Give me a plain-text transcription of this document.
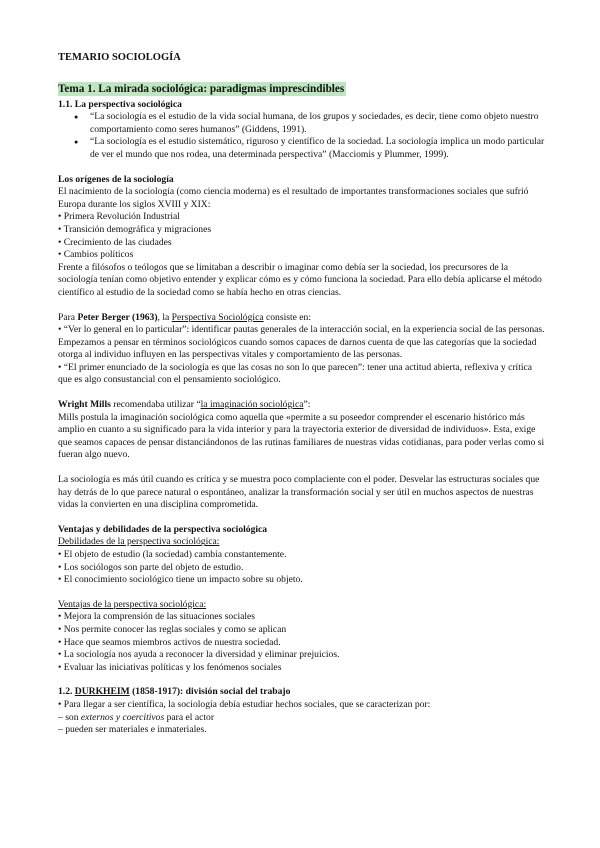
TEMARIO SOCIOLOGÍA

Tema 1. La mirada sociológica: paradigmas imprescindibles

1.1. La perspectiva sociológica

● “La sociología es el estudio de la vida social humana, de los grupos y sociedades, es decir, tiene como objeto nuestro comportamiento como seres humanos” (Giddens, 1991).
● “La sociología es el estudio sistemático, riguroso y científico de la sociedad. La sociología implica un modo particular de ver el mundo que nos rodea, una determinada perspectiva” (Macciomis y Plummer, 1999).

Los orígenes de la sociología

El nacimiento de la sociología (como ciencia moderna) es el resultado de importantes transformaciones sociales que sufrió Europa durante los siglos XVIII y XIX:

• Primera Revolución Industrial
• Transición demográfica y migraciones
• Crecimiento de las ciudades
• Cambios políticos

Frente a filósofos o teólogos que se limitaban a describir o imaginar como debía ser la sociedad, los precursores de la sociología tenían como objetivo entender y explicar cómo es y cómo funciona la sociedad. Para ello debía aplicarse el método científico al estudio de la sociedad como se había hecho en otras ciencias.

Para Peter Berger (1963), la Perspectiva Sociológica consiste en:

• “Ver lo general en lo particular”: identificar pautas generales de la interacción social, en la experiencia social de las personas.

Empezamos a pensar en términos sociológicos cuando somos capaces de darnos cuenta de que las categorías que la sociedad otorga al individuo influyen en las perspectivas vitales y comportamiento de las personas.

• “El primer enunciado de la sociología es que las cosas no son lo que parecen”: tener una actitud abierta, reflexiva y crítica que es algo consustancial con el pensamiento sociológico.

Wright Mills recomendaba utilizar “la imaginación sociológica”:

Mills postula la imaginación sociológica como aquella que «permite a su poseedor comprender el escenario histórico más amplio en cuanto a su significado para la vida interior y para la trayectoria exterior de diversidad de individuos». Esta, exige que seamos capaces de pensar distanciándonos de las rutinas familiares de nuestras vidas cotidianas, para poder verlas como si fueran algo nuevo.

La sociología es más útil cuando es crítica y se muestra poco complaciente con el poder. Desvelar las estructuras sociales que hay detrás de lo que parece natural o espontáneo, analizar la transformación social y ser útil en muchos aspectos de nuestras vidas la convierten en una disciplina comprometida.

Ventajas y debilidades de la perspectiva sociológica

Debilidades de la perspectiva sociológica:

• El objeto de estudio (la sociedad) cambia constantemente.
• Los sociólogos son parte del objeto de estudio.
• El conocimiento sociológico tiene un impacto sobre su objeto.

Ventajas de la perspectiva sociológica:

• Mejora la comprensión de las situaciones sociales
• Nos permite conocer las reglas sociales y como se aplican
• Hace que seamos miembros activos de nuestra sociedad.
• La sociología nos ayuda a reconocer la diversidad y eliminar prejuicios.
• Evaluar las iniciativas políticas y los fenómenos sociales

1.2. DURKHEIM (1858-1917): división social del trabajo

• Para llegar a ser científica, la sociología debía estudiar hechos sociales, que se caracterizan por:

– son externos y coercitivos para el actor

– pueden ser materiales e inmateriales.
